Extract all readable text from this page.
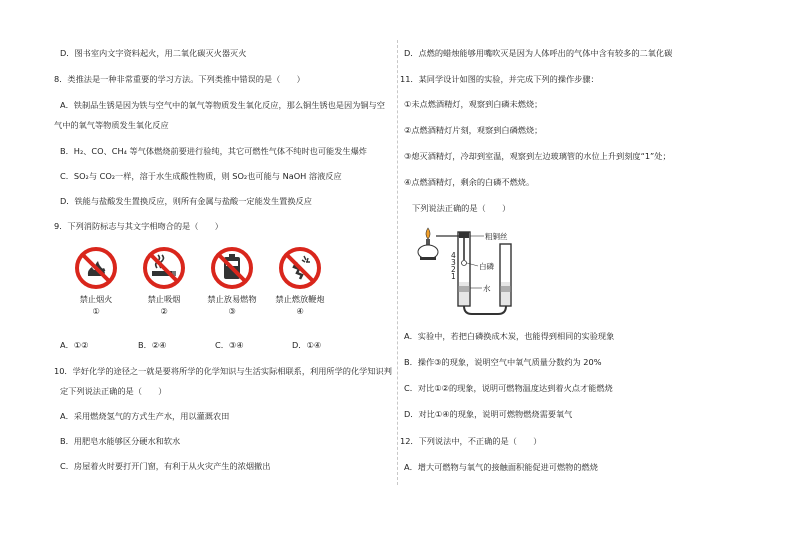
D．图书室内文字资料起火，用二氧化碳灭火器灭火
8．类推法是一种非常重要的学习方法。下列类推中错误的是（　　）
A．铁制品生锈是因为铁与空气中的氧气等物质发生氧化反应，那么铜生锈也是因为铜与空
气中的氧气等物质发生氧化反应
B．H₂、CO、CH₄ 等气体燃烧前要进行验纯，其它可燃性气体不纯时也可能发生爆炸
C．SO₂与 CO₂一样，溶于水生成酸性物质，则 SO₂也可能与 NaOH 溶液反应
D．铁能与盐酸发生置换反应，则所有金属与盐酸一定能发生置换反应
9．下列消防标志与其文字相吻合的是（　　）
A．①②	B．②④	C．③④	D．①④
10．学好化学的途径之一就是要将所学的化学知识与生活实际相联系，利用所学的化学知识判
定下列说法正确的是（　　）
A．采用燃烧氢气的方式生产水，用以灌溉农田
B．用肥皂水能够区分硬水和软水
C．房屋着火时要打开门窗，有利于从火灾产生的浓烟撤出
禁止烟火
①
禁止吸烟
②
禁止放易燃物
③
禁止燃放鞭炮
④
D．点燃的蜡烛能够用嘴吹灭是因为人体呼出的气体中含有较多的二氧化碳
11．某同学设计如图的实验，并完成下列的操作步骤：
①未点燃酒精灯，观察到白磷未燃烧；
②点燃酒精灯片刻，观察到白磷燃烧；
③熄灭酒精灯，冷却到室温，观察到左边玻璃管的水位上升到刻度“1”处；
④点燃酒精灯，剩余的白磷不燃烧。
下列说法正确的是（　　）
A．实验中，若把白磷换成木炭，也能得到相同的实验现象
B．操作③的现象，说明空气中氧气质量分数约为 20%
C．对比①②的现象，说明可燃物温度达到着火点才能燃烧
D．对比①④的现象，说明可燃物燃烧需要氧气
12．下列说法中，不正确的是（　　）
A．增大可燃物与氧气的接触面积能促进可燃物的燃烧
4
3
2
1
粗铜丝
白磷
水
